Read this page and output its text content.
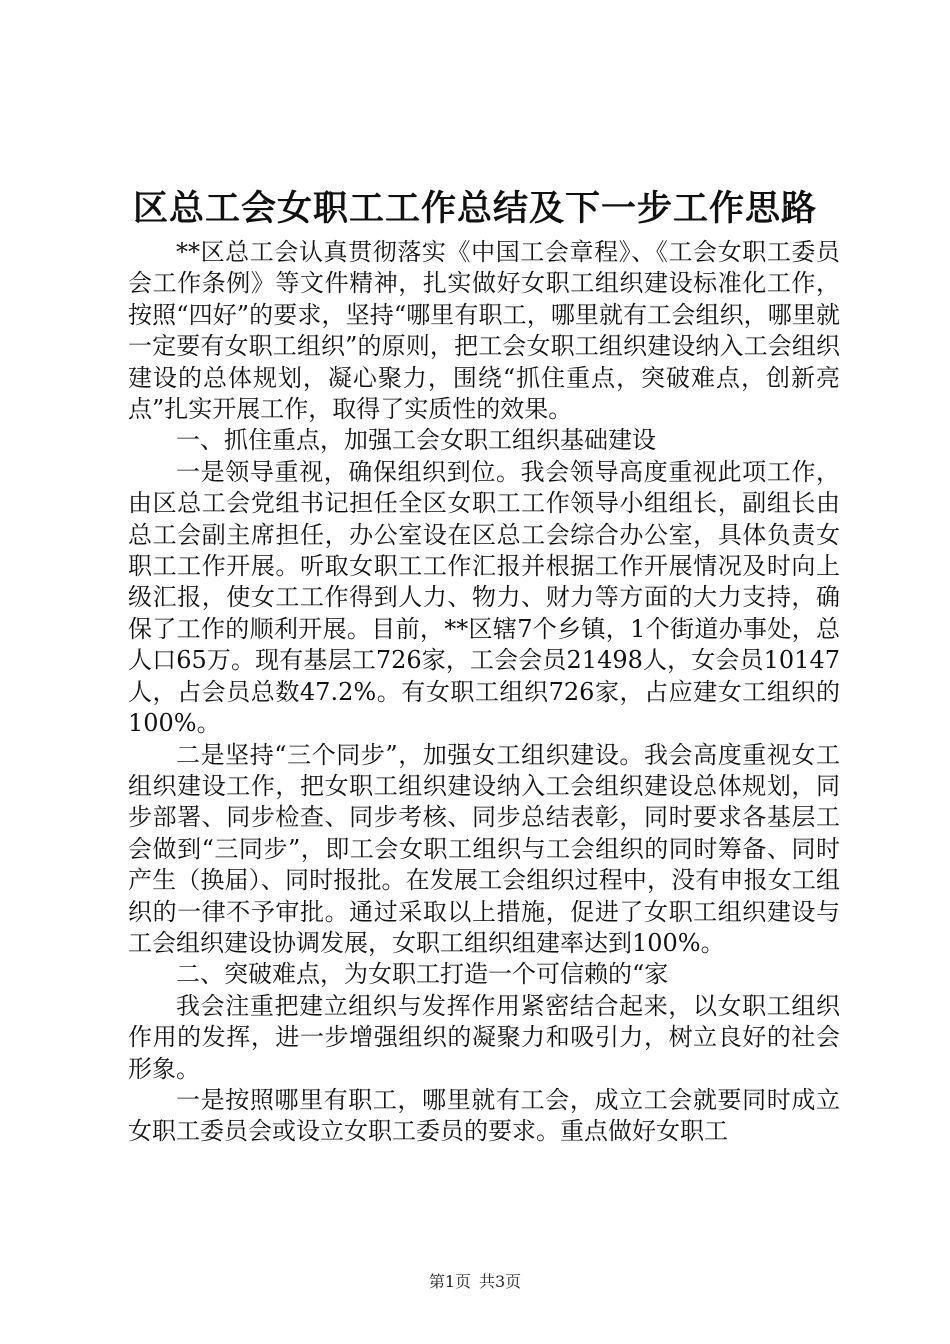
区总工会女职工工作总结及下一步工作思路

**区总工会认真贯彻落实《中国工会章程》、《工会女职工委员会工作条例》等文件精神，扎实做好女职工组织建设标准化工作，按照“四好”的要求，坚持“哪里有职工，哪里就有工会组织，哪里就一定要有女职工组织”的原则，把工会女职工组织建设纳入工会组织建设的总体规划，凝心聚力，围绕“抓住重点，突破难点，创新亮点”扎实开展工作，取得了实质性的效果。

一、抓住重点，加强工会女职工组织基础建设

一是领导重视，确保组织到位。我会领导高度重视此项工作，由区总工会党组书记担任全区女职工工作领导小组组长，副组长由总工会副主席担任，办公室设在区总工会综合办公室，具体负责女职工工作开展。听取女职工工作汇报并根据工作开展情况及时向上级汇报，使女工工作得到人力、物力、财力等方面的大力支持，确保了工作的顺利开展。目前，**区辖7个乡镇，1个街道办事处，总人口65万。现有基层工726家，工会会员21498人，女会员10147人，占会员总数47.2%。有女职工组织726家，占应建女工组织的100%。

二是坚持“三个同步”，加强女工组织建设。我会高度重视女工组织建设工作，把女职工组织建设纳入工会组织建设总体规划，同步部署、同步检查、同步考核、同步总结表彰，同时要求各基层工会做到“三同步”，即工会女职工组织与工会组织的同时筹备、同时产生（换届）、同时报批。在发展工会组织过程中，没有申报女工组织的一律不予审批。通过采取以上措施，促进了女职工组织建设与工会组织建设协调发展，女职工组织组建率达到100%。

二、突破难点，为女职工打造一个可信赖的“家

我会注重把建立组织与发挥作用紧密结合起来，以女职工组织作用的发挥，进一步增强组织的凝聚力和吸引力，树立良好的社会形象。

一是按照哪里有职工，哪里就有工会，成立工会就要同时成立女职工委员会或设立女职工委员的要求。重点做好女职工

第1页 共3页
